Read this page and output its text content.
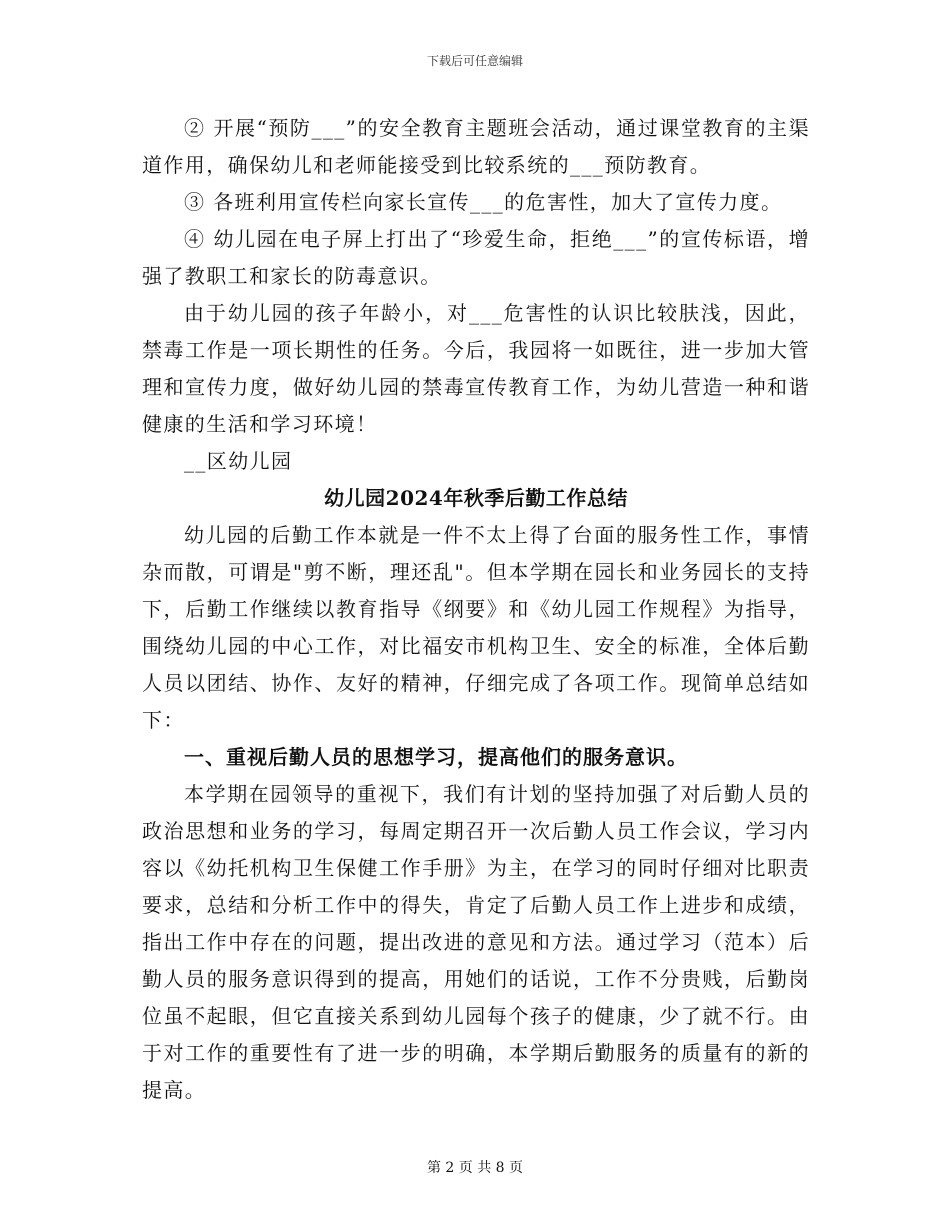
下载后可任意编辑

② 开展“预防___”的安全教育主题班会活动，通过课堂教育的主渠道作用，确保幼儿和老师能接受到比较系统的___预防教育。

③ 各班利用宣传栏向家长宣传___的危害性，加大了宣传力度。

④ 幼儿园在电子屏上打出了“珍爱生命，拒绝___”的宣传标语，增强了教职工和家长的防毒意识。

由于幼儿园的孩子年龄小，对___危害性的认识比较肤浅，因此，禁毒工作是一项长期性的任务。今后，我园将一如既往，进一步加大管理和宣传力度，做好幼儿园的禁毒宣传教育工作，为幼儿营造一种和谐健康的生活和学习环境！

__区幼儿园

幼儿园2024年秋季后勤工作总结

幼儿园的后勤工作本就是一件不太上得了台面的服务性工作，事情杂而散，可谓是"剪不断，理还乱"。但本学期在园长和业务园长的支持下，后勤工作继续以教育指导《纲要》和《幼儿园工作规程》为指导，围绕幼儿园的中心工作，对比福安市机构卫生、安全的标准，全体后勤人员以团结、协作、友好的精神，仔细完成了各项工作。现简单总结如下：

一、重视后勤人员的思想学习，提高他们的服务意识。

本学期在园领导的重视下，我们有计划的坚持加强了对后勤人员的政治思想和业务的学习，每周定期召开一次后勤人员工作会议，学习内容以《幼托机构卫生保健工作手册》为主，在学习的同时仔细对比职责要求，总结和分析工作中的得失，肯定了后勤人员工作上进步和成绩，指出工作中存在的问题，提出改进的意见和方法。通过学习（范本）后勤人员的服务意识得到的提高，用她们的话说，工作不分贵贱，后勤岗位虽不起眼，但它直接关系到幼儿园每个孩子的健康，少了就不行。由于对工作的重要性有了进一步的明确，本学期后勤服务的质量有的新的提高。

第 2 页 共 8 页
